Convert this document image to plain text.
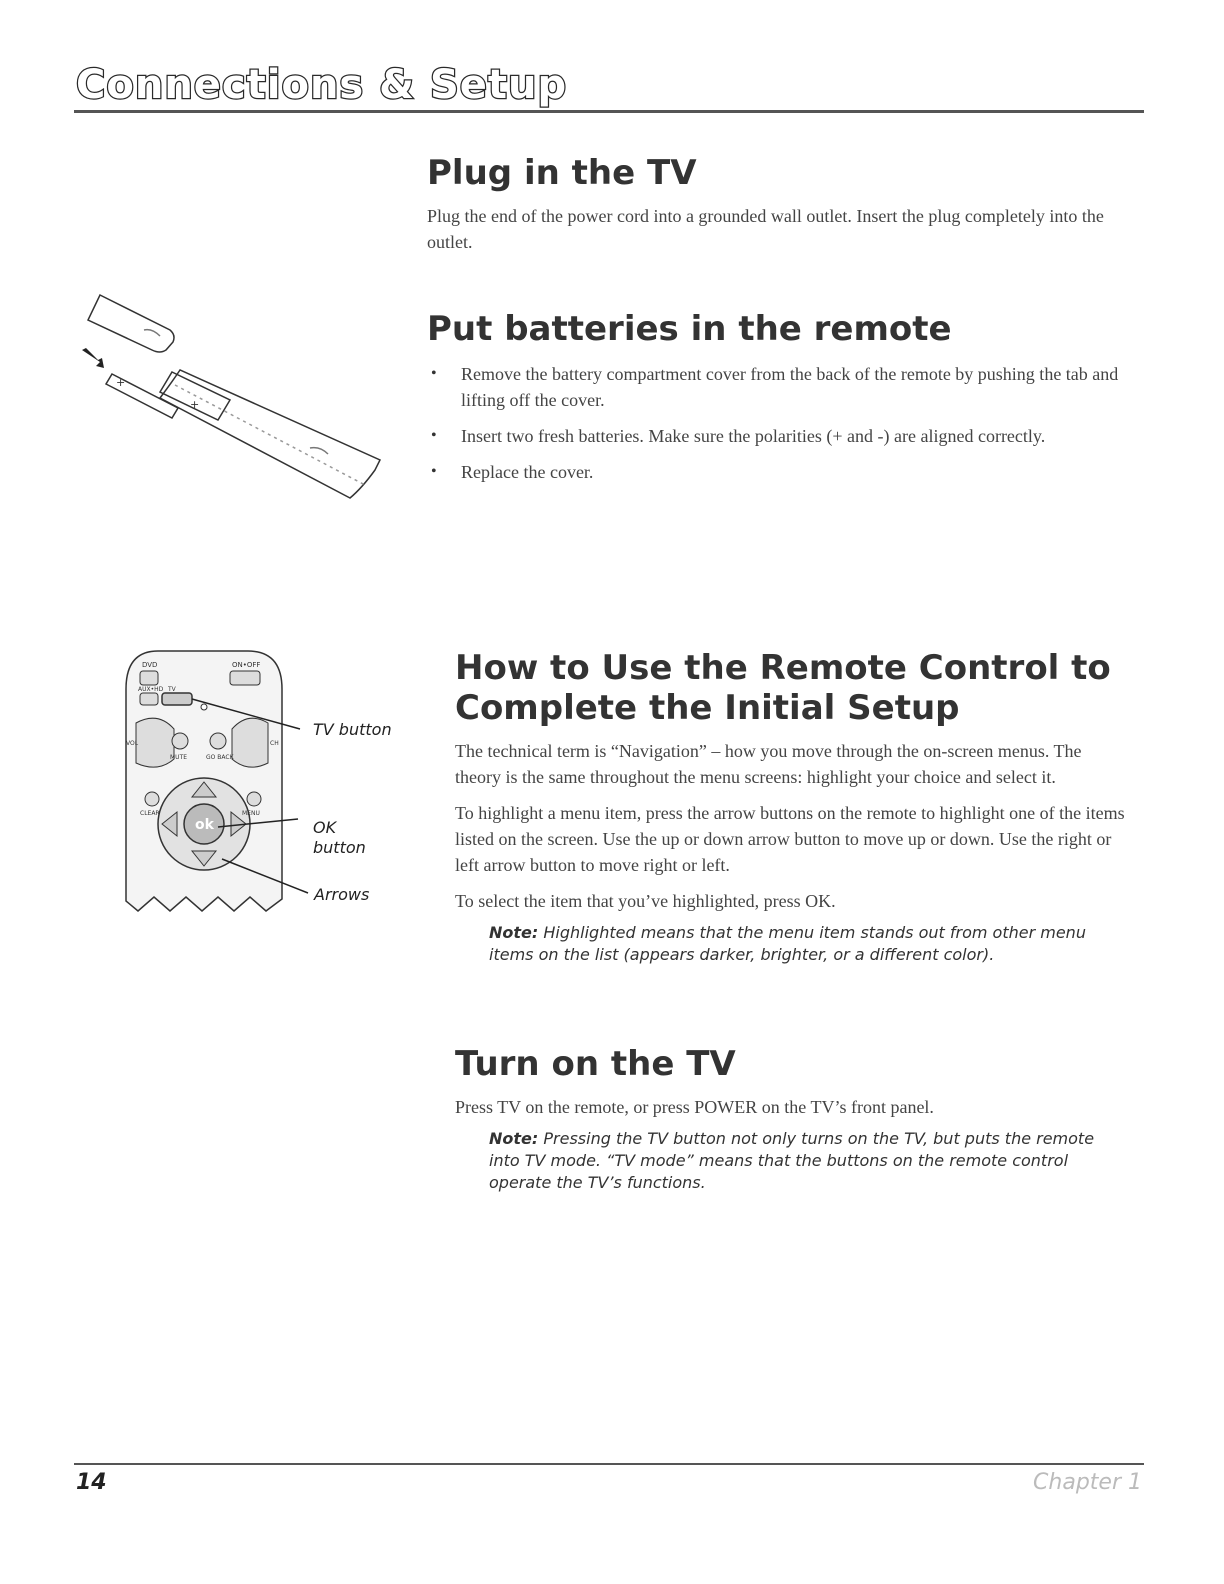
Connections & Setup
Plug in the TV

Plug the end of the power cord into a grounded wall outlet. Insert the plug completely into the outlet.

+
+
Put batteries in the remote
• Remove the battery compartment cover from the back of the remote by pushing the tab and lifting off the cover.
• Insert two fresh batteries. Make sure the polarities (+ and -) are aligned correctly.
• Replace the cover.
ok
DVD	ON•OFF
AUX•HD TV
VOL	CH
MUTE	GO BACK
CLEAR	MENU

TV button

OK

button

Arrows

How to Use the Remote Control to Complete the Initial Setup

The technical term is “Navigation” – how you move through the on-screen menus. The theory is the same throughout the menu screens: highlight your choice and select it.

To highlight a menu item, press the arrow buttons on the remote to highlight one of the items listed on the screen. Use the up or down arrow button to move up or down. Use the right or left arrow button to move right or left.

To select the item that you’ve highlighted, press OK.

Note: Highlighted means that the menu item stands out from other menu items on the list (appears darker, brighter, or a different color).

Turn on the TV

Press TV on the remote, or press POWER on the TV’s front panel.

Note: Pressing the TV button not only turns on the TV, but puts the remote into TV mode. “TV mode” means that the buttons on the remote control operate the TV’s functions.

14	Chapter 1
